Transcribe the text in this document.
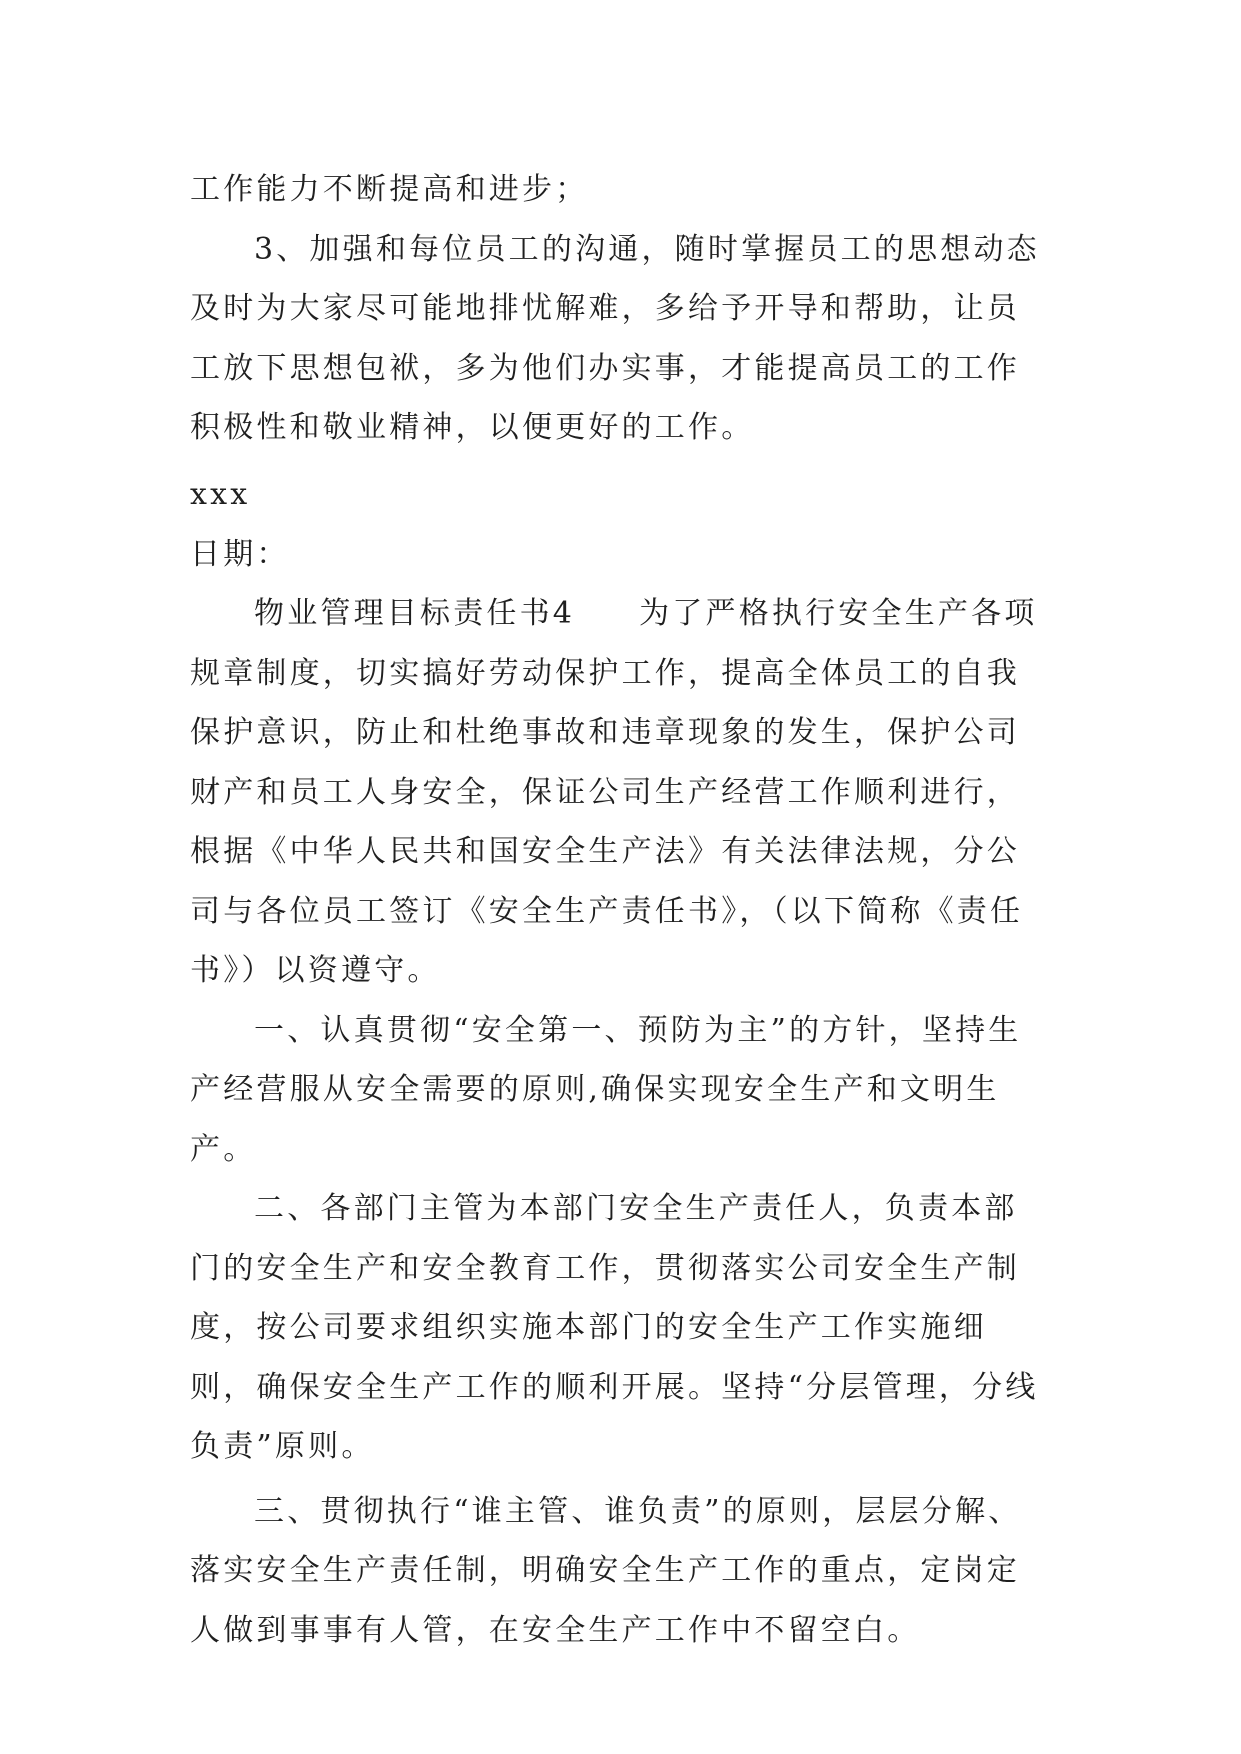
工作能力不断提高和进步；

3、加强和每位员工的沟通，随时掌握员工的思想动态及时为大家尽可能地排忧解难，多给予开导和帮助，让员工放下思想包袱，多为他们办实事，才能提高员工的工作积极性和敬业精神，以便更好的工作。

xxx

日期：

物业管理目标责任书4 为了严格执行安全生产各项规章制度，切实搞好劳动保护工作，提高全体员工的自我保护意识，防止和杜绝事故和违章现象的发生，保护公司财产和员工人身安全，保证公司生产经营工作顺利进行，根据《中华人民共和国安全生产法》有关法律法规，分公司与各位员工签订《安全生产责任书》，（以下简称《责任书》）以资遵守。

一、认真贯彻“安全第一、预防为主”的方针，坚持生产经营服从安全需要的原则,确保实现安全生产和文明生产。

二、各部门主管为本部门安全生产责任人，负责本部门的安全生产和安全教育工作，贯彻落实公司安全生产制度，按公司要求组织实施本部门的安全生产工作实施细则，确保安全生产工作的顺利开展。坚持“分层管理，分线负责”原则。

三、贯彻执行“谁主管、谁负责”的原则，层层分解、落实安全生产责任制，明确安全生产工作的重点，定岗定人做到事事有人管，在安全生产工作中不留空白。
